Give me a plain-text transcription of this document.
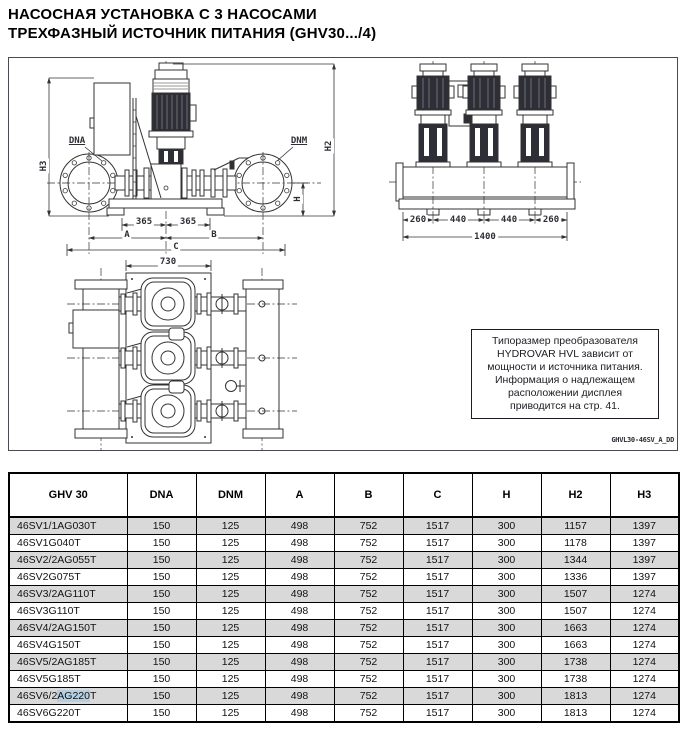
НАСОСНАЯ УСТАНОВКА С 3 НАСОСАМИ
ТРЕХФАЗНЫЙ ИСТОЧНИК ПИТАНИЯ (GHV30.../4)
DNA	DNM
H3
H2
H
365	365
A	B
C
260	440	440	260
1400
730
Типоразмер преобразователя HYDROVAR HVL зависит от мощности и источника питания. Информация о надлежащем расположении дисплея приводится на стр. 41.
GHVL30-46SV_A_DD
GHV 30	DNA	DNM	A	B	C	H	H2	H3
46SV1/1AG030T	150	125	498	752	1517	300	1157	1397
46SV1G040T	150	125	498	752	1517	300	1178	1397
46SV2/2AG055T	150	125	498	752	1517	300	1344	1397
46SV2G075T	150	125	498	752	1517	300	1336	1397
46SV3/2AG110T	150	125	498	752	1517	300	1507	1274
46SV3G110T	150	125	498	752	1517	300	1507	1274
46SV4/2AG150T	150	125	498	752	1517	300	1663	1274
46SV4G150T	150	125	498	752	1517	300	1663	1274
46SV5/2AG185T	150	125	498	752	1517	300	1738	1274
46SV5G185T	150	125	498	752	1517	300	1738	1274
46SV6/2AG220T	150	125	498	752	1517	300	1813	1274
46SV6G220T	150	125	498	752	1517	300	1813	1274
